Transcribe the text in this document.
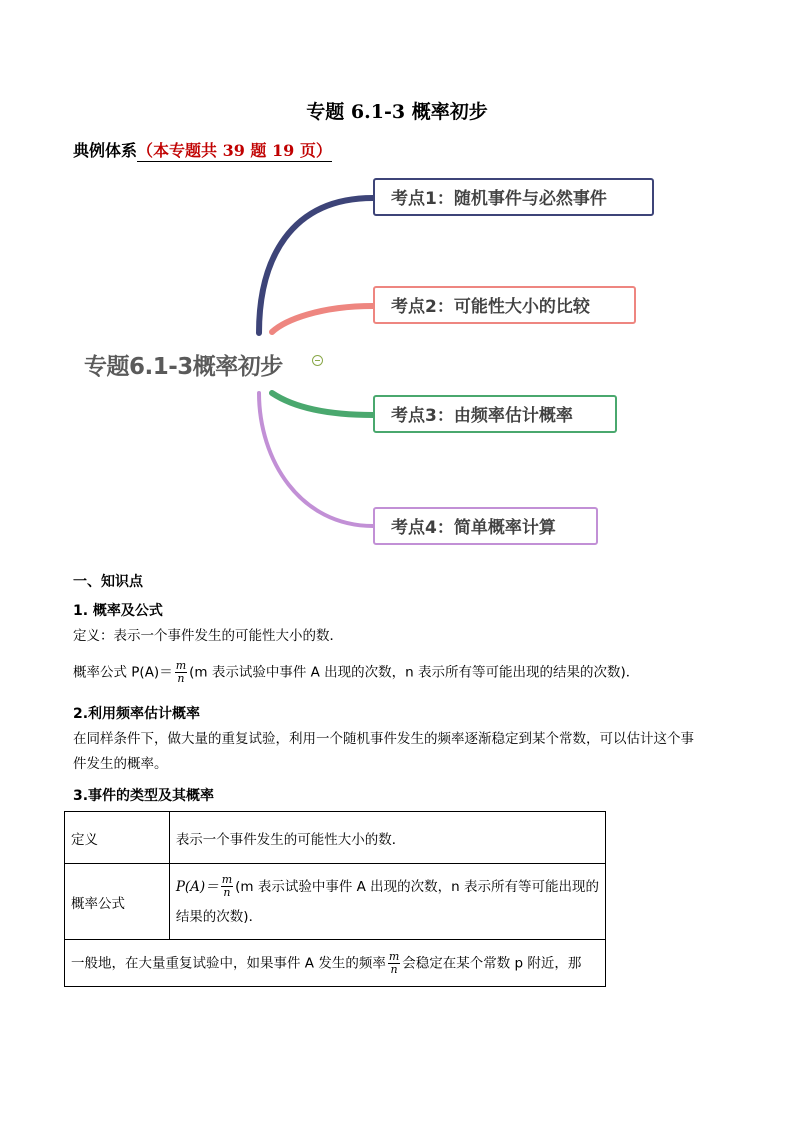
专题 6.1-3 概率初步
典例体系（本专题共 39 题 19 页）
专题6.1-3概率初步
考点1：随机事件与必然事件
考点2：可能性大小的比较
考点3：由频率估计概率
考点4：简单概率计算
一、知识点
1. 概率及公式
定义：表示一个事件发生的可能性大小的数．
概率公式 $P(A)= \frac{m}{n} (m$ 表示试验中事件 A 出现的次数，n 表示所有等可能出现的结果的次数)．
2.利用频率估计概率
在同样条件下，做大量的重复试验，利用一个随机事件发生的频率逐渐稳定到某个常数，可以估计这个事
件发生的概率。
3.事件的类型及其概率
定义	表示一个事件发生的可能性大小的数．
概率公式	$P(A)= \frac{m}{n} (m$ 表示试验中事件 A 出现的次数，n 表示所有等可能出现的
结果的次数)．

一般地，在大量重复试验中，如果事件 A 发生的频率 $\frac{m}{n}$ 会稳定在某个常数 p 附近，那	
